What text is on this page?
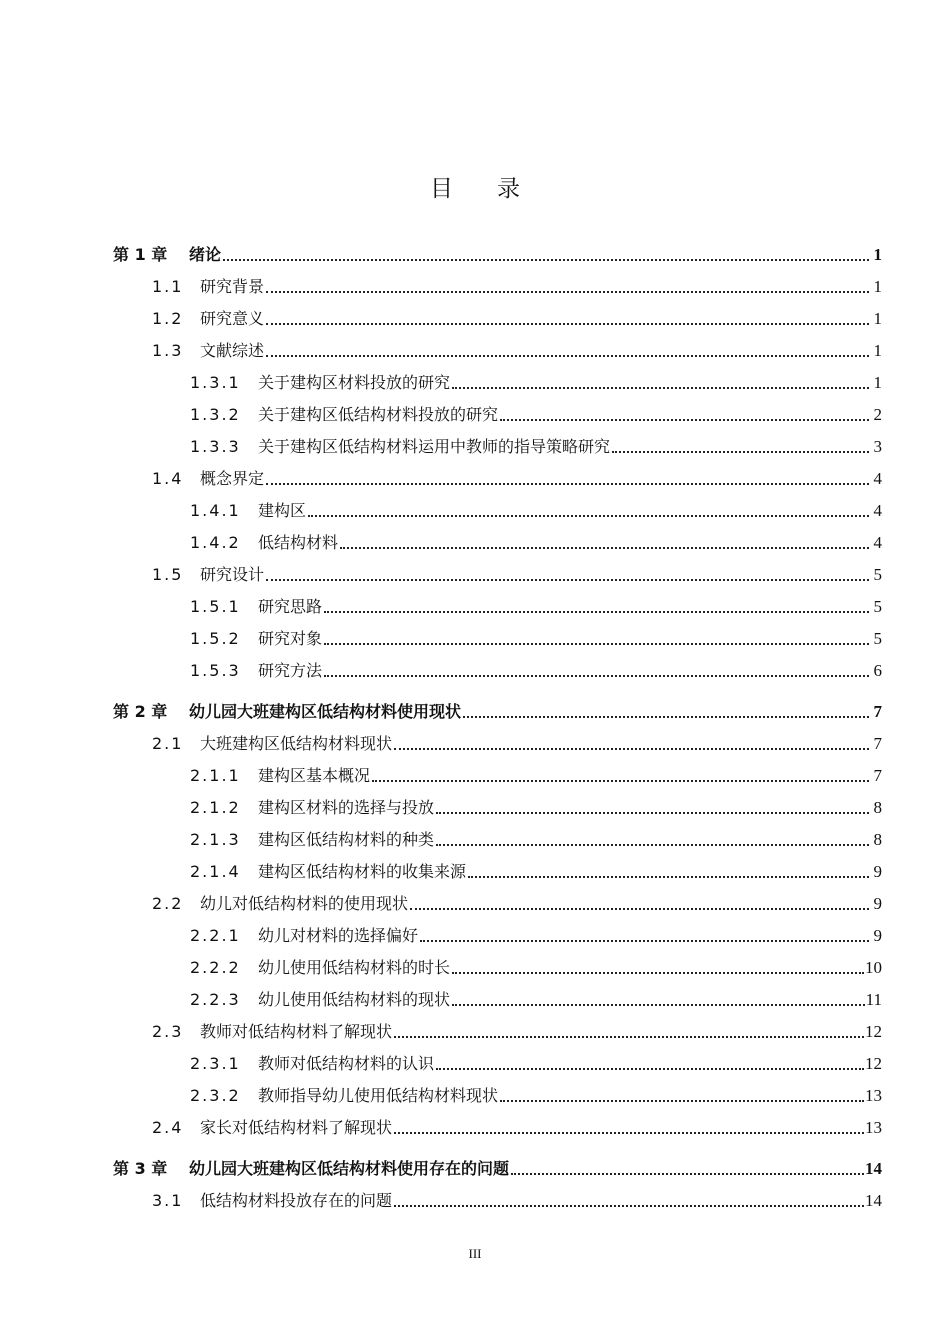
目录
第 1 章	绪论	1
1.1	研究背景	1
1.2	研究意义	1
1.3	文献综述	1
1.3.1	关于建构区材料投放的研究	1
1.3.2	关于建构区低结构材料投放的研究	2
1.3.3	关于建构区低结构材料运用中教师的指导策略研究	3
1.4	概念界定	4
1.4.1	建构区	4
1.4.2	低结构材料	4
1.5	研究设计	5
1.5.1	研究思路	5
1.5.2	研究对象	5
1.5.3	研究方法	6
第 2 章	幼儿园大班建构区低结构材料使用现状	7
2.1	大班建构区低结构材料现状	7
2.1.1	建构区基本概况	7
2.1.2	建构区材料的选择与投放	8
2.1.3	建构区低结构材料的种类	8
2.1.4	建构区低结构材料的收集来源	9
2.2	幼儿对低结构材料的使用现状	9
2.2.1	幼儿对材料的选择偏好	9
2.2.2	幼儿使用低结构材料的时长	10
2.2.3	幼儿使用低结构材料的现状	11
2.3	教师对低结构材料了解现状	12
2.3.1	教师对低结构材料的认识	12
2.3.2	教师指导幼儿使用低结构材料现状	13
2.4	家长对低结构材料了解现状	13
第 3 章	幼儿园大班建构区低结构材料使用存在的问题	14
3.1	低结构材料投放存在的问题	14
III
